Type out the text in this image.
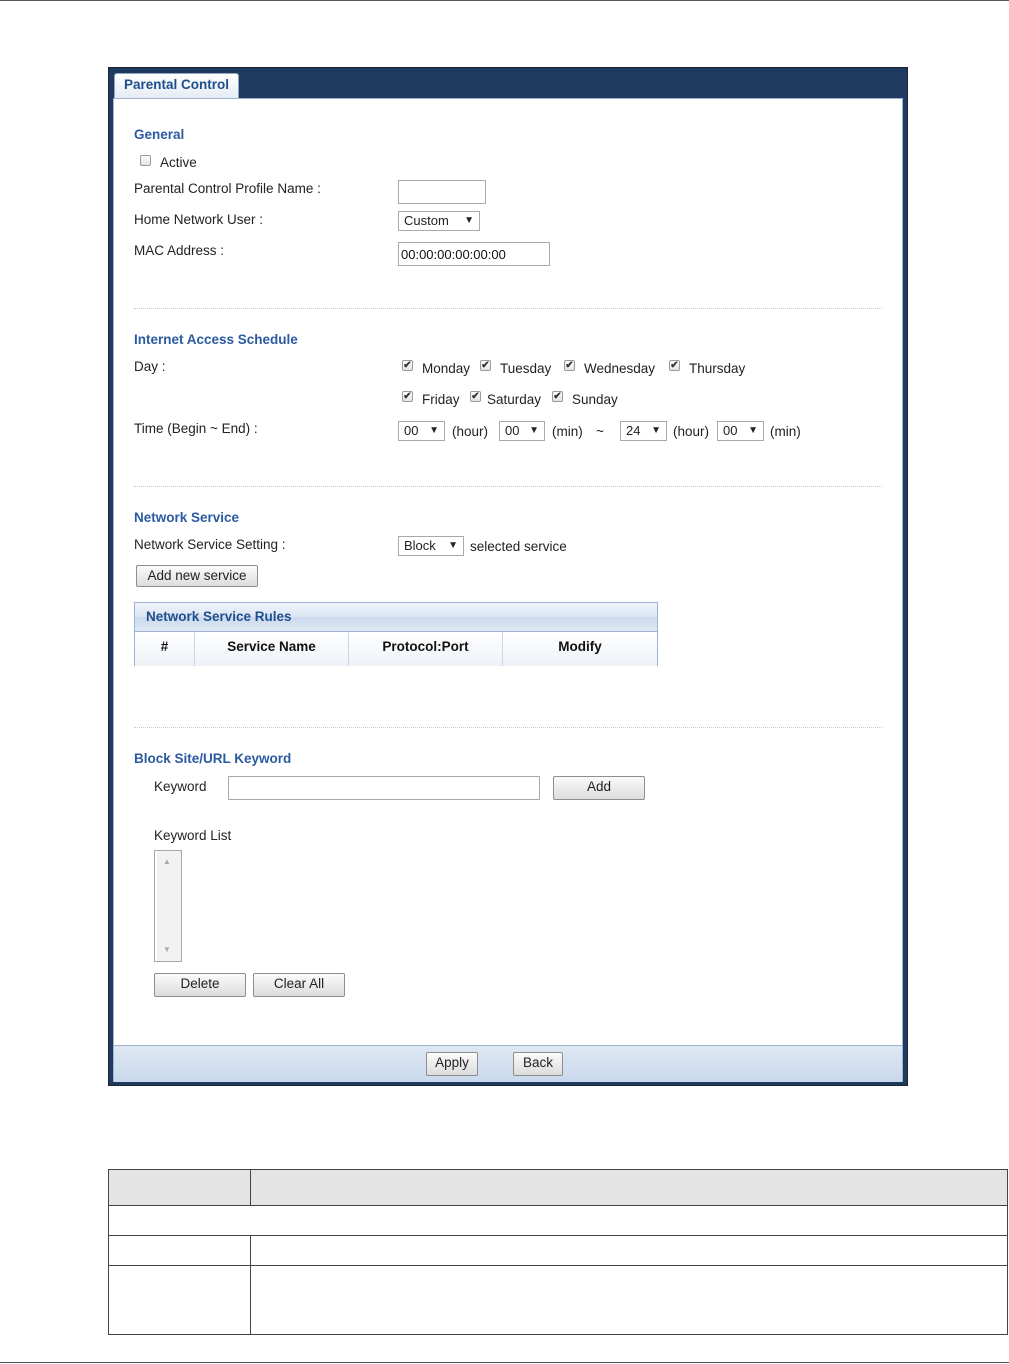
Parental Control
General
Active
Parental Control Profile Name :
Home Network User :	Custom ▼
MAC Address :
00:00:00:00:00:00
Internet Access Schedule
Day :	✔ Monday ✔ Tuesday ✔ Wednesday ✔ Thursday
✔ Friday ✔ Saturday ✔ Sunday
Time (Begin ~ End) :	00 ▼ (hour)	00 ▼ (min) ~	24 ▼ (hour)	00 ▼ (min)
Network Service
Network Service Setting :	Block ▼ selected service
Add new service
Network Service Rules
#	Service Name	Protocol:Port	Modify
Block Site/URL Keyword
Keyword	Add
Keyword List
▲
▼
Delete	Clear All
Apply	Back
